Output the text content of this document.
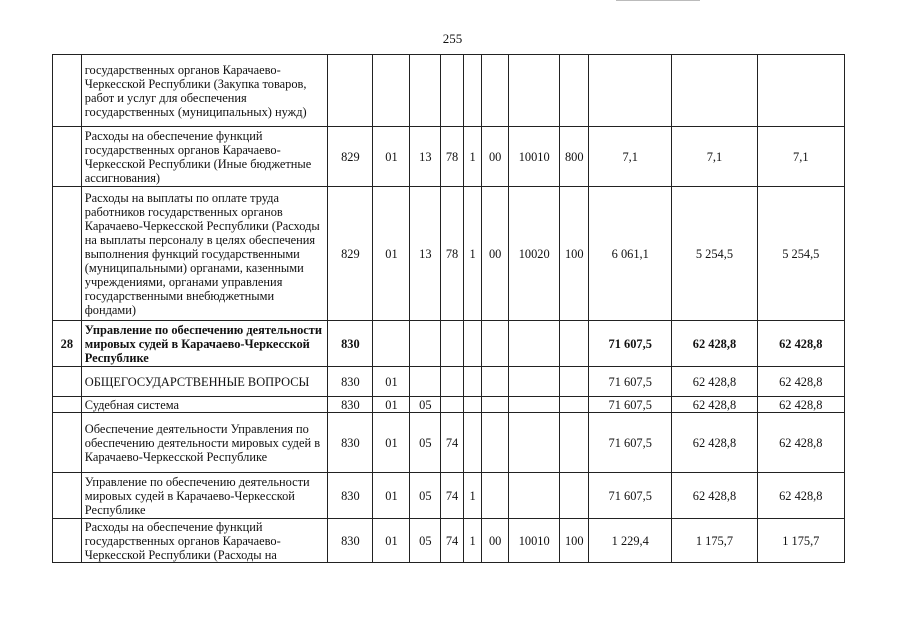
255
	государственных органов Карачаево-Черкесской Республики (Закупка товаров, работ и услуг для обеспечения государственных (муниципальных) нужд)											
	Расходы на обеспечение функций государственных органов Карачаево-Черкесской Республики (Иные бюджетные ассигнования)	829	01	13	78	1	00	10010	800	7,1	7,1	7,1
	Расходы на выплаты по оплате труда работников государственных органов Карачаево-Черкесской Республики (Расходы на выплаты персоналу в целях обеспечения выполнения функций государственными (муниципальными) органами, казенными учреждениями, органами управления государственными внебюджетными фондами)	829	01	13	78	1	00	10020	100	6 061,1	5 254,5	5 254,5
28	Управление по обеспечению деятельности мировых судей в Карачаево-Черкесской Республике	830								71 607,5	62 428,8	62 428,8
	ОБЩЕГОСУДАРСТВЕННЫЕ ВОПРОСЫ	830	01							71 607,5	62 428,8	62 428,8
	Судебная система	830	01	05						71 607,5	62 428,8	62 428,8
	Обеспечение деятельности Управления по обеспечению деятельности мировых судей в Карачаево-Черкесской Республике	830	01	05	74					71 607,5	62 428,8	62 428,8
	Управление по обеспечению деятельности мировых судей в Карачаево-Черкесской Республике	830	01	05	74	1				71 607,5	62 428,8	62 428,8
	Расходы на обеспечение функций государственных органов Карачаево-Черкесской Республики (Расходы на	830	01	05	74	1	00	10010	100	1 229,4	1 175,7	1 175,7
